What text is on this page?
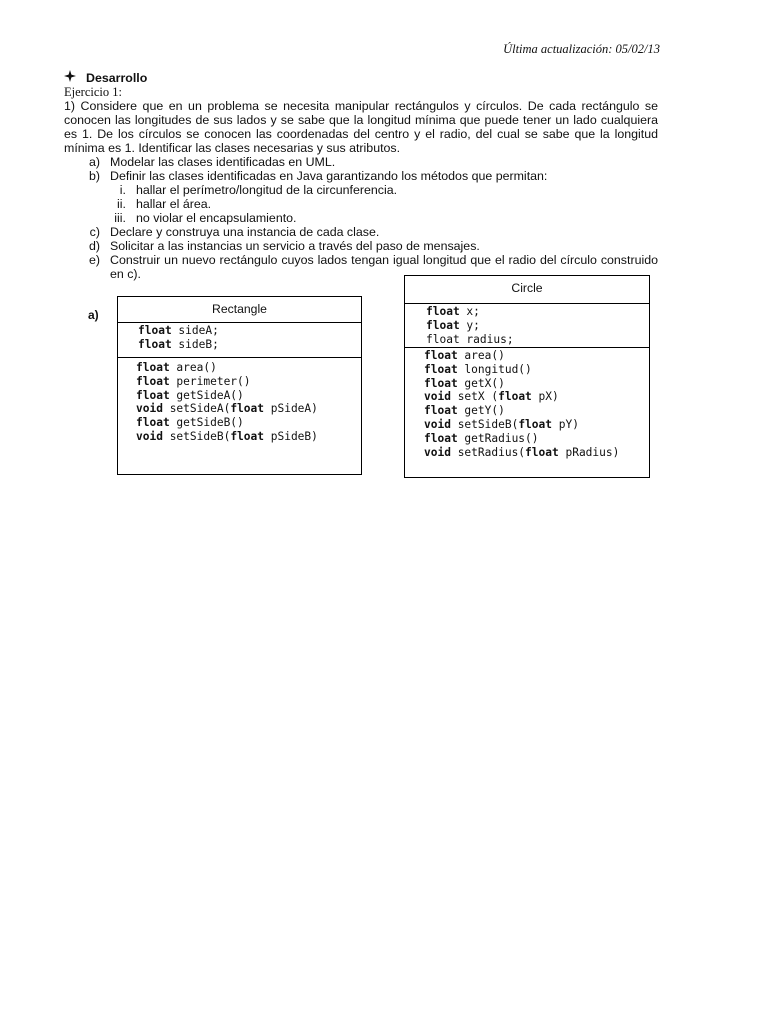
Última actualización: 05/02/13
Desarrollo
Ejercicio 1:
1) Considere que en un problema se necesita manipular rectángulos y círculos. De cada rectángulo se conocen las longitudes de sus lados y se sabe que la longitud mínima que puede tener un lado cualquiera es 1. De los círculos se conocen las coordenadas del centro y el radio, del cual se sabe que la longitud mínima es 1. Identificar las clases necesarias y sus atributos.
a) Modelar las clases identificadas en UML.
b) Definir las clases identificadas en Java garantizando los métodos que permitan:
i. hallar el perímetro/longitud de la circunferencia.
ii. hallar el área.
iii. no violar el encapsulamiento.
c) Declare y construya una instancia de cada clase.
d) Solicitar a las instancias un servicio a través del paso de mensajes.
e) Construir un nuevo rectángulo cuyos lados tengan igual longitud que el radio del círculo construido en c).
a)	Rectangle
float sideA;
float sideB;
float area()
float perimeter()
float getSideA()
void setSideA(float pSideA)
float getSideB()
void setSideB(float pSideB)
Circle
float x;
float y;
float radius;
float area()
float longitud()
float getX()
void setX (float pX)
float getY()
void setSideB(float pY)
float getRadius()
void setRadius(float pRadius)
